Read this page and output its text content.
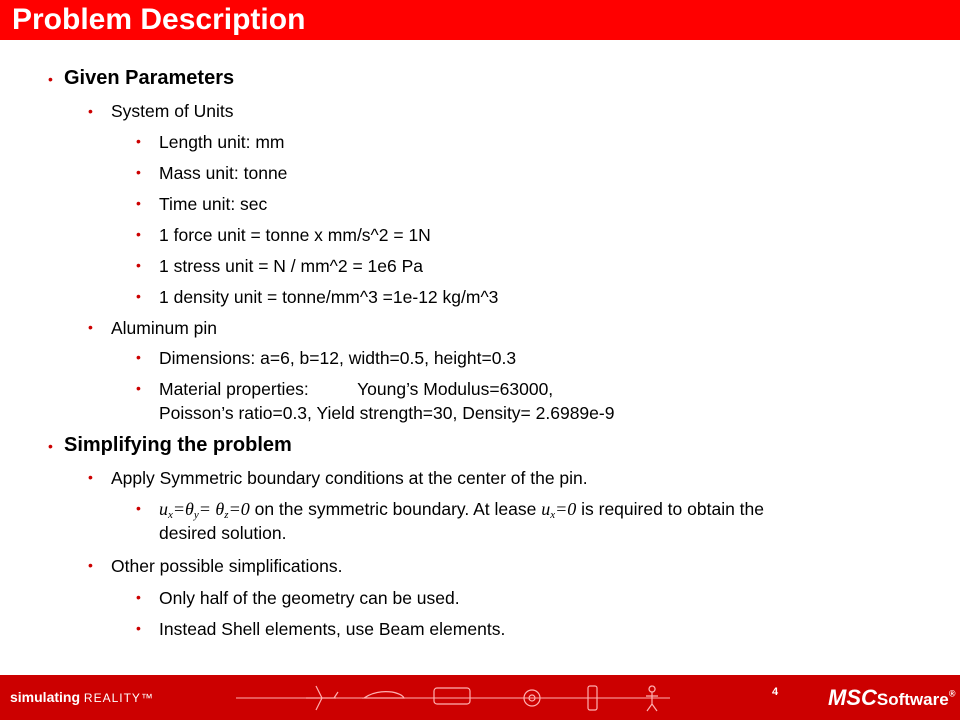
Problem Description
• Given Parameters
• System of Units
• Length unit: mm
• Mass unit: tonne
• Time unit: sec
• 1 force unit = tonne x mm/s^2 = 1N
• 1 stress unit = N / mm^2 = 1e6 Pa
• 1 density unit = tonne/mm^3 =1e-12 kg/m^3
• Aluminum pin
• Dimensions: a=6, b=12, width=0.5, height=0.3
• Material properties:          Young’s Modulus=63000,
Poisson’s ratio=0.3, Yield strength=30, Density= 2.6989e-9
• Simplifying the problem
• Apply Symmetric boundary conditions at the center of the pin.
• $u_x=\theta_y= \theta_z=0$ on the symmetric boundary. At lease $u_x=0$ is required to obtain the
desired solution.
• Other possible simplifications.
• Only half of the geometry can be used.
• Instead Shell elements, use Beam elements.
simulating REALITY™	4 MSCSoftware®
